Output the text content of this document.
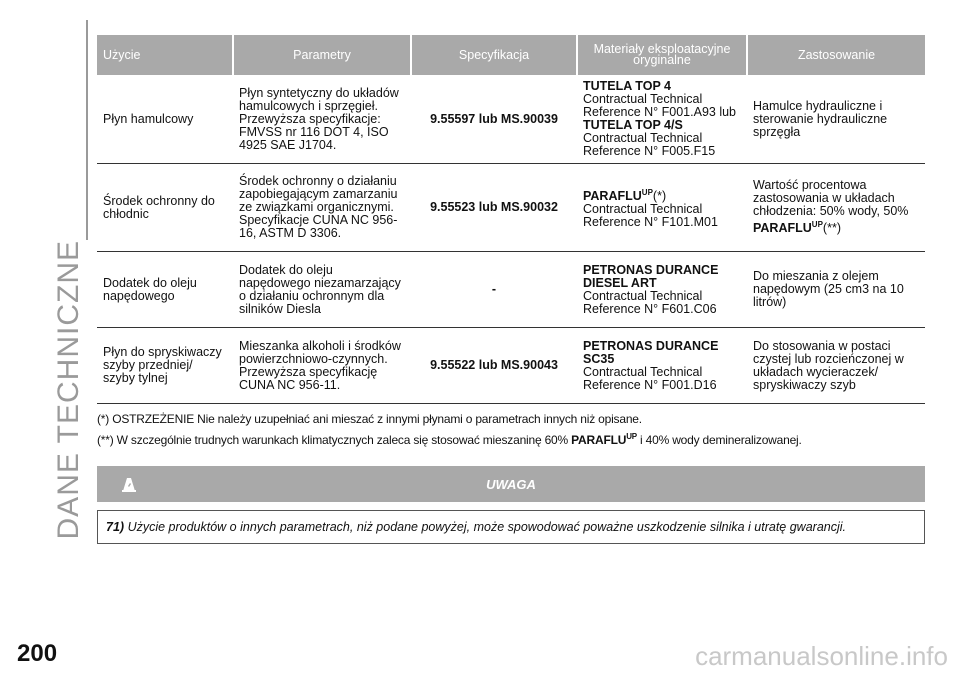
DANE TECHNICZNE
Użycie	Parametry	Specyfikacja	Materiały eksploatacyjne oryginalne	Zastosowanie
Płyn hamulcowy	Płyn syntetyczny do układów hamulcowych i sprzęgieł. Przewyższa specyfikacje: FMVSS nr 116 DOT 4, ISO 4925 SAE J1704.	9.55597 lub MS.90039	TUTELA TOP 4
Contractual Technical Reference N° F001.A93 lub TUTELA TOP 4/S
Contractual Technical Reference N° F005.F15	Hamulce hydrauliczne i sterowanie hydrauliczne sprzęgła
Środek ochronny do chłodnic	Środek ochronny o działaniu zapobiegającym zamarzaniu ze związkami organicznymi. Specyfikacje CUNA NC 956-16, ASTM D 3306.	9.55523 lub MS.90032	$PARAFLU^{UP}(*)$
Contractual Technical Reference N° F101.M01	Wartość procentowa zastosowania w układach chłodzenia: 50% wody, 50% $PARAFLU^{UP}(**)$
Dodatek do oleju napędowego	Dodatek do oleju napędowego niezamarzający o działaniu ochronnym dla silników Diesla	-	PETRONAS DURANCE DIESEL ART
Contractual Technical Reference N° F601.C06	Do mieszania z olejem napędowym (25 cm3 na 10 litrów)
Płyn do spryskiwaczy szyby przedniej/ szyby tylnej	Mieszanka alkoholi i środków powierzchniowo-czynnych. Przewyższa specyfikację CUNA NC 956-11.	9.55522 lub MS.90043	PETRONAS DURANCE SC35
Contractual Technical Reference N° F001.D16	Do stosowania w postaci czystej lub rozcieńczonej w układach wycieraczek/ spryskiwaczy szyb
(*) OSTRZEŻENIE Nie należy uzupełniać ani mieszać z innymi płynami o parametrach innych niż opisane.
(**) W szczególnie trudnych warunkach klimatycznych zaleca się stosować mieszaninę 60% $PARAFLU^{UP}$ i 40% wody demineralizowanej.
UWAGA
71) Użycie produktów o innych parametrach, niż podane powyżej, może spowodować poważne uszkodzenie silnika i utratę gwarancji.
200	carmanualsonline.info
